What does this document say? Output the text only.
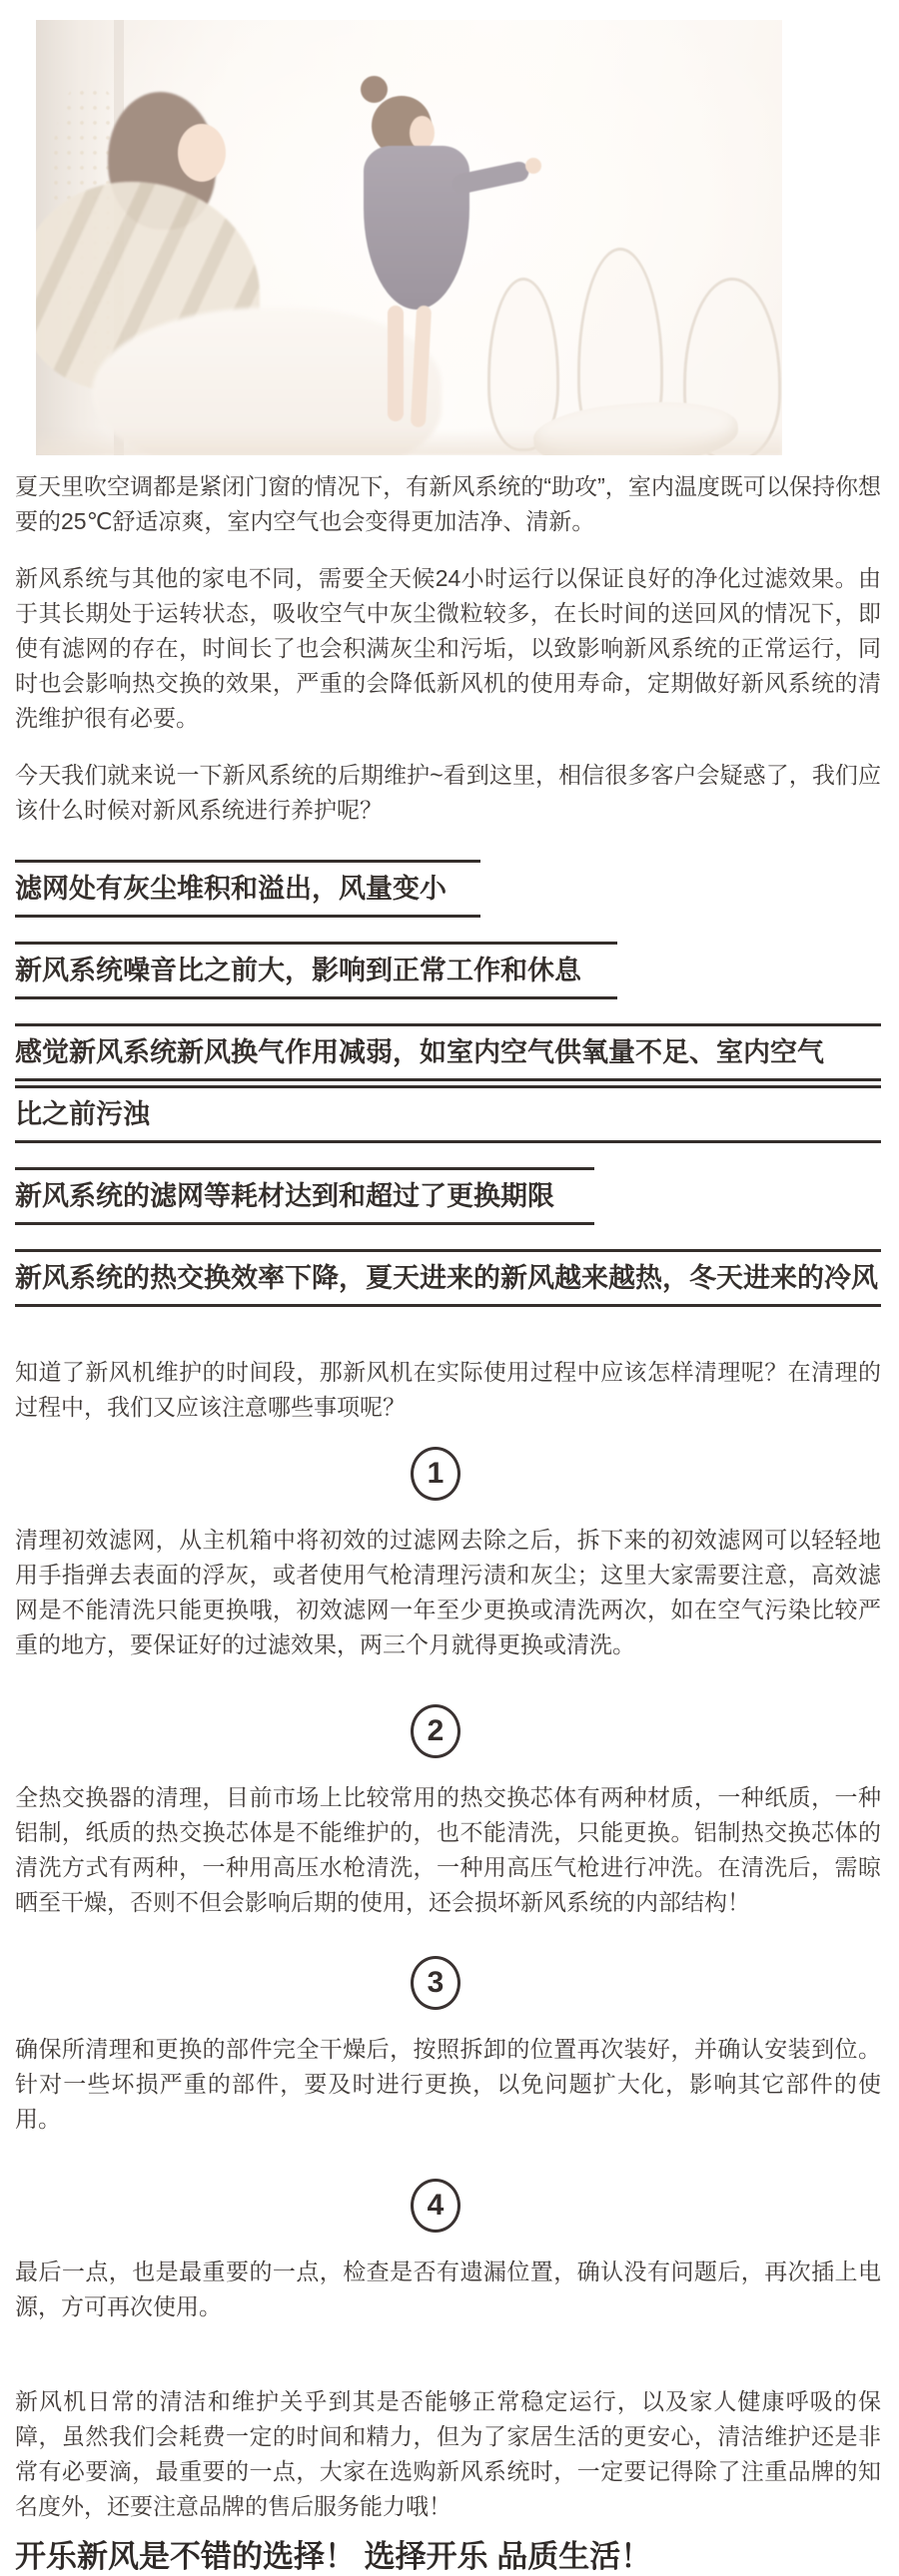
夏天里吹空调都是紧闭门窗的情况下，有新风系统的“助攻”，室内温度既可以保持你想要的25℃舒适凉爽，室内空气也会变得更加洁净、清新。

新风系统与其他的家电不同，需要全天候24小时运行以保证良好的净化过滤效果。由于其长期处于运转状态，吸收空气中灰尘微粒较多，在长时间的送回风的情况下，即使有滤网的存在，时间长了也会积满灰尘和污垢，以致影响新风系统的正常运行，同时也会影响热交换的效果，严重的会降低新风机的使用寿命，定期做好新风系统的清洗维护很有必要。

今天我们就来说一下新风系统的后期维护~看到这里，相信很多客户会疑惑了，我们应该什么时候对新风系统进行养护呢？

滤网处有灰尘堆积和溢出，风量变小
新风系统噪音比之前大，影响到正常工作和休息
感觉新风系统新风换气作用减弱，如室内空气供氧量不足、室内空气
比之前污浊
新风系统的滤网等耗材达到和超过了更换期限
新风系统的热交换效率下降，夏天进来的新风越来越热，冬天进来的冷风

知道了新风机维护的时间段，那新风机在实际使用过程中应该怎样清理呢？在清理的过程中，我们又应该注意哪些事项呢？

1

清理初效滤网，从主机箱中将初效的过滤网去除之后，拆下来的初效滤网可以轻轻地用手指弹去表面的浮灰，或者使用气枪清理污渍和灰尘；这里大家需要注意，高效滤网是不能清洗只能更换哦，初效滤网一年至少更换或清洗两次，如在空气污染比较严重的地方，要保证好的过滤效果，两三个月就得更换或清洗。

2

全热交换器的清理，目前市场上比较常用的热交换芯体有两种材质，一种纸质，一种铝制，纸质的热交换芯体是不能维护的，也不能清洗，只能更换。铝制热交换芯体的清洗方式有两种，一种用高压水枪清洗，一种用高压气枪进行冲洗。在清洗后，需晾晒至干燥，否则不但会影响后期的使用，还会损坏新风系统的内部结构！

3

确保所清理和更换的部件完全干燥后，按照拆卸的位置再次装好，并确认安装到位。针对一些坏损严重的部件，要及时进行更换，以免问题扩大化，影响其它部件的使用。

4

最后一点，也是最重要的一点，检查是否有遗漏位置，确认没有问题后，再次插上电源，方可再次使用。

新风机日常的清洁和维护关乎到其是否能够正常稳定运行，以及家人健康呼吸的保障，虽然我们会耗费一定的时间和精力，但为了家居生活的更安心，清洁维护还是非常有必要滴，最重要的一点，大家在选购新风系统时，一定要记得除了注重品牌的知名度外，还要注意品牌的售后服务能力哦！

开乐新风是不错的选择！ 选择开乐 品质生活！
